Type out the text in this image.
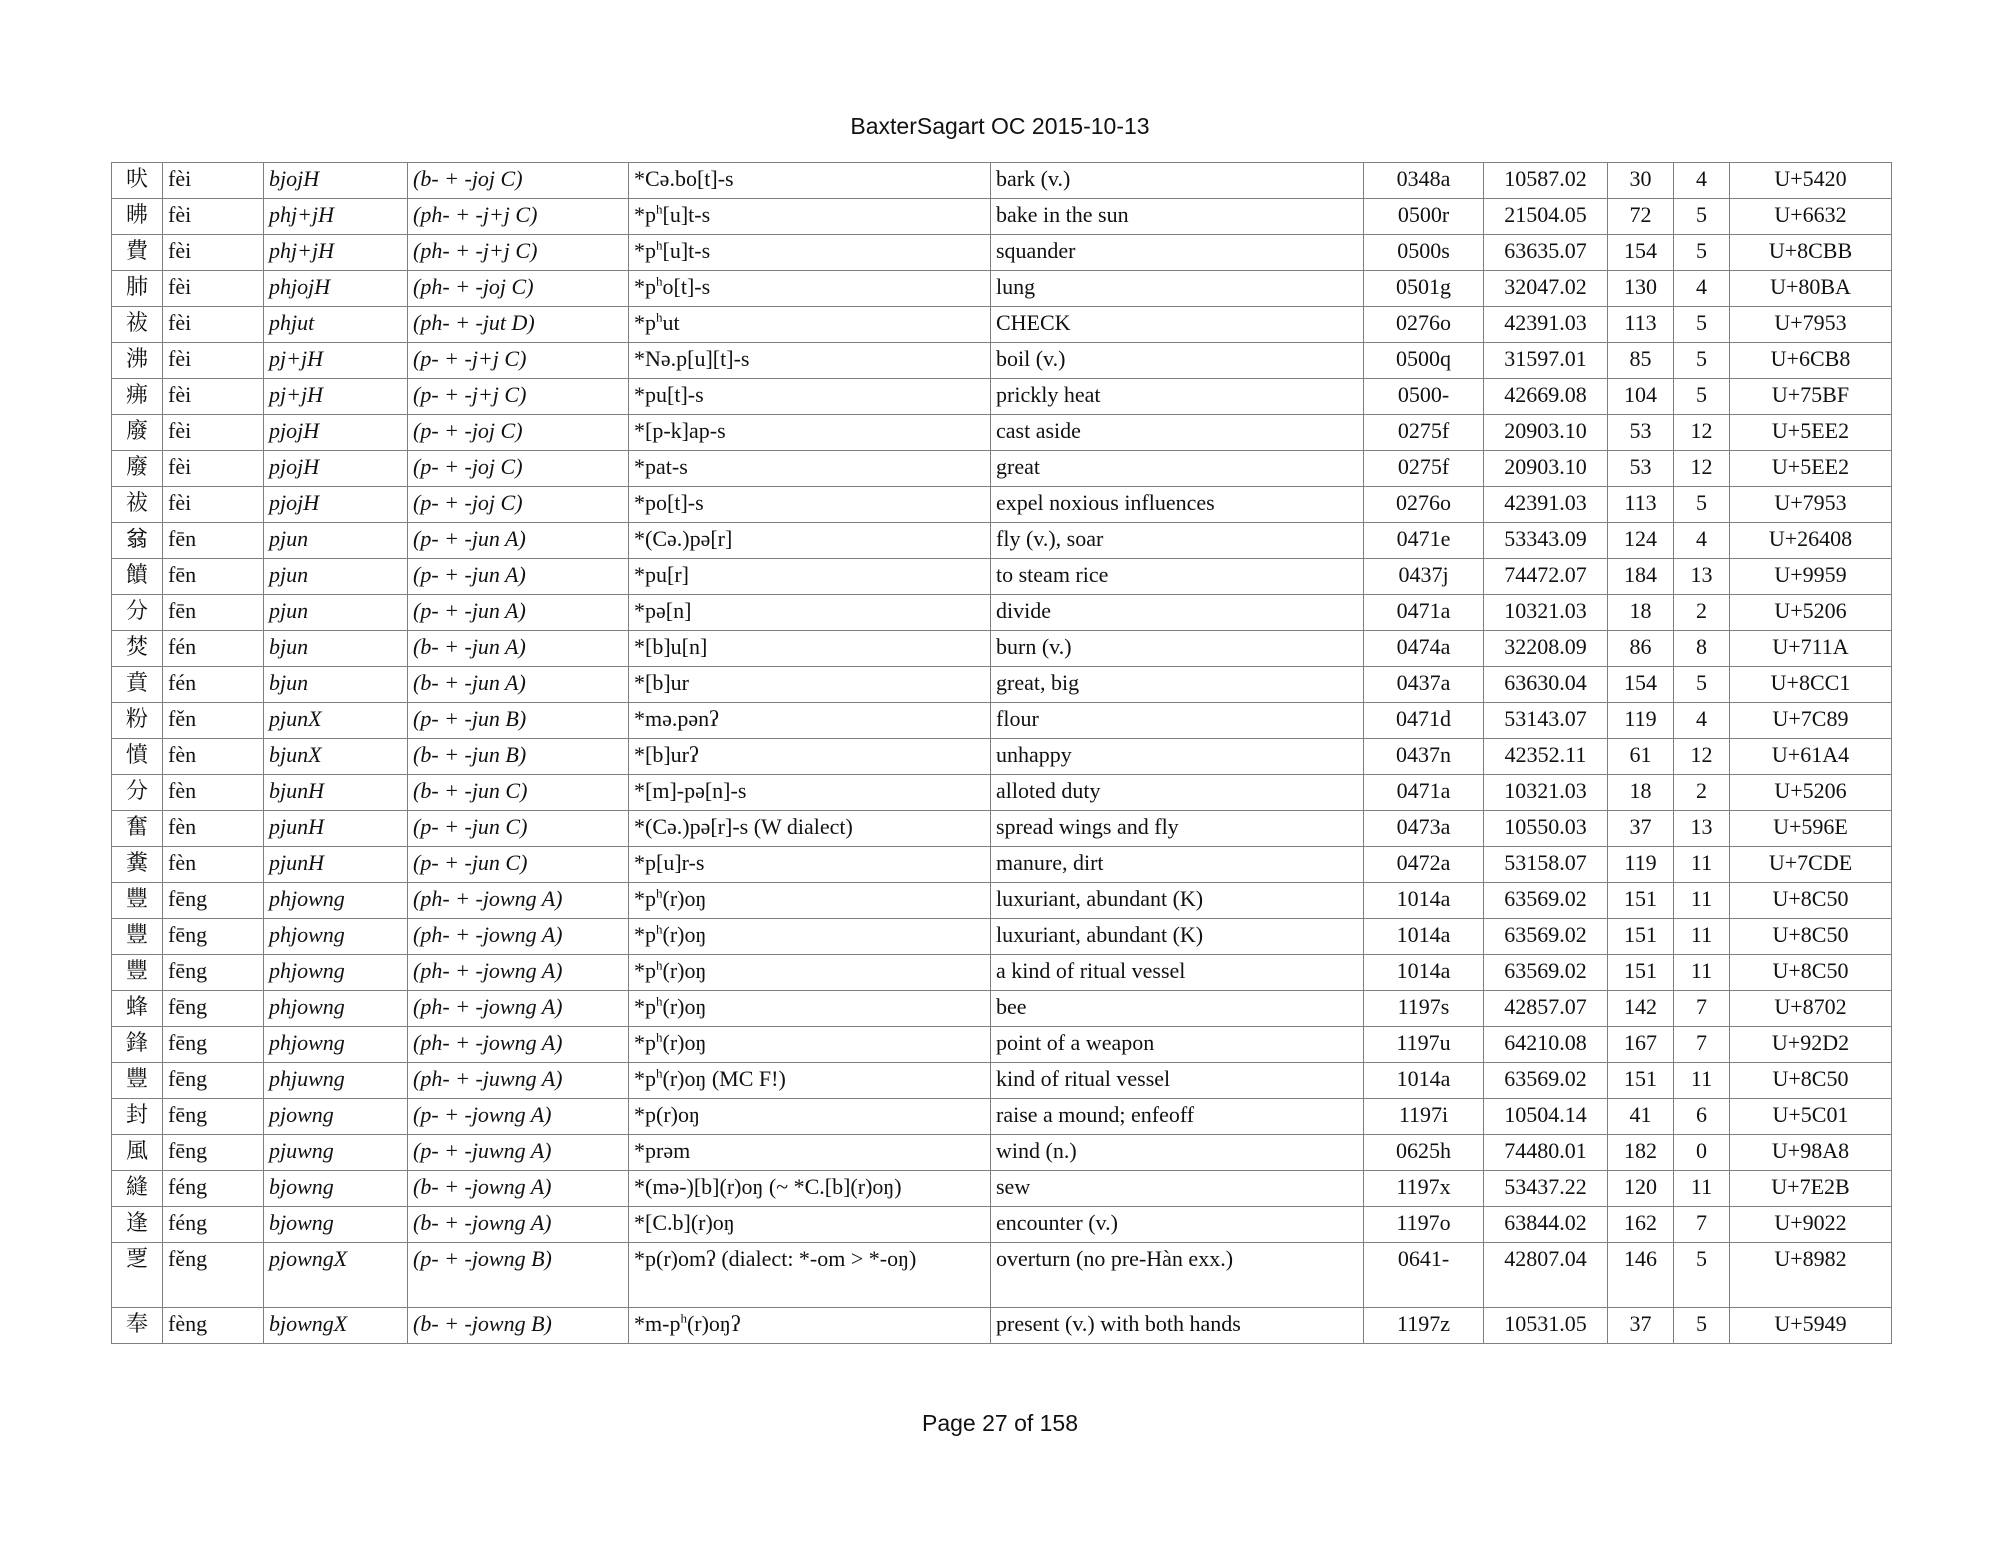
BaxterSagart OC 2015-10-13
吠	fèi	bjojH	(b- + -joj C)	*Cə.bo[t]-s	bark (v.)	0348a	10587.02	30	4	U+5420
昲	fèi	phj+jH	(ph- + -j+j C)	$*p^h[u]t-s$	bake in the sun	0500r	21504.05	72	5	U+6632
費	fèi	phj+jH	(ph- + -j+j C)	$*p^h[u]t-s$	squander	0500s	63635.07	154	5	U+8CBB
肺	fèi	phjojH	(ph- + -joj C)	$*p^ho[t]-s$	lung	0501g	32047.02	130	4	U+80BA
祓	fèi	phjut	(ph- + -jut D)	$*p^hut$	CHECK	0276o	42391.03	113	5	U+7953
沸	fèi	pj+jH	(p- + -j+j C)	*Nə.p[u][t]-s	boil (v.)	0500q	31597.01	85	5	U+6CB8
疿	fèi	pj+jH	(p- + -j+j C)	*pu[t]-s	prickly heat	0500-	42669.08	104	5	U+75BF
廢	fèi	pjojH	(p- + -joj C)	*[p-k]ap-s	cast aside	0275f	20903.10	53	12	U+5EE2
廢	fèi	pjojH	(p- + -joj C)	*pat-s	great	0275f	20903.10	53	12	U+5EE2
祓	fèi	pjojH	(p- + -joj C)	*po[t]-s	expel noxious influences	0276o	42391.03	113	5	U+7953
𦐈	fēn	pjun	(p- + -jun A)	*(Cə.)pə[r]	fly (v.), soar	0471e	53343.09	124	4	U+26408
饙	fēn	pjun	(p- + -jun A)	*pu[r]	to steam rice	0437j	74472.07	184	13	U+9959
分	fēn	pjun	(p- + -jun A)	*pə[n]	divide	0471a	10321.03	18	2	U+5206
焚	fén	bjun	(b- + -jun A)	*[b]u[n]	burn (v.)	0474a	32208.09	86	8	U+711A
賁	fén	bjun	(b- + -jun A)	*[b]ur	great, big	0437a	63630.04	154	5	U+8CC1
粉	fěn	pjunX	(p- + -jun B)	*mə.pənʔ	flour	0471d	53143.07	119	4	U+7C89
憤	fèn	bjunX	(b- + -jun B)	*[b]urʔ	unhappy	0437n	42352.11	61	12	U+61A4
分	fèn	bjunH	(b- + -jun C)	*[m]-pə[n]-s	alloted duty	0471a	10321.03	18	2	U+5206
奮	fèn	pjunH	(p- + -jun C)	*(Cə.)pə[r]-s (W dialect)	spread wings and fly	0473a	10550.03	37	13	U+596E
糞	fèn	pjunH	(p- + -jun C)	*p[u]r-s	manure, dirt	0472a	53158.07	119	11	U+7CDE
豐	fēng	phjowng	(ph- + -jowng A)	$*p^h(r)oŋ$	luxuriant, abundant (K)	1014a	63569.02	151	11	U+8C50
豐	fēng	phjowng	(ph- + -jowng A)	$*p^h(r)oŋ$	luxuriant, abundant (K)	1014a	63569.02	151	11	U+8C50
豐	fēng	phjowng	(ph- + -jowng A)	$*p^h(r)oŋ$	a kind of ritual vessel	1014a	63569.02	151	11	U+8C50
蜂	fēng	phjowng	(ph- + -jowng A)	$*p^h(r)oŋ$	bee	1197s	42857.07	142	7	U+8702
鋒	fēng	phjowng	(ph- + -jowng A)	$*p^h(r)oŋ$	point of a weapon	1197u	64210.08	167	7	U+92D2
豐	fēng	phjuwng	(ph- + -juwng A)	$*p^h(r)oŋ$ (MC F!)	kind of ritual vessel	1014a	63569.02	151	11	U+8C50
封	fēng	pjowng	(p- + -jowng A)	*p(r)oŋ	raise a mound; enfeoff	1197i	10504.14	41	6	U+5C01
風	fēng	pjuwng	(p- + -juwng A)	*prəm	wind (n.)	0625h	74480.01	182	0	U+98A8
縫	féng	bjowng	(b- + -jowng A)	*(mə-)[b](r)oŋ (~ *C.[b](r)oŋ)	sew	1197x	53437.22	120	11	U+7E2B
逢	féng	bjowng	(b- + -jowng A)	*[C.b](r)oŋ	encounter (v.)	1197o	63844.02	162	7	U+9022
覂	fěng	pjowngX	(p- + -jowng B)	*p(r)omʔ (dialect: *-om > *-oŋ)	overturn (no pre-Hàn exx.)	0641-	42807.04	146	5	U+8982
奉	fèng	bjowngX	(b- + -jowng B)	$*m-p^h(r)oŋʔ$	present (v.) with both hands	1197z	10531.05	37	5	U+5949
Page 27 of 158
